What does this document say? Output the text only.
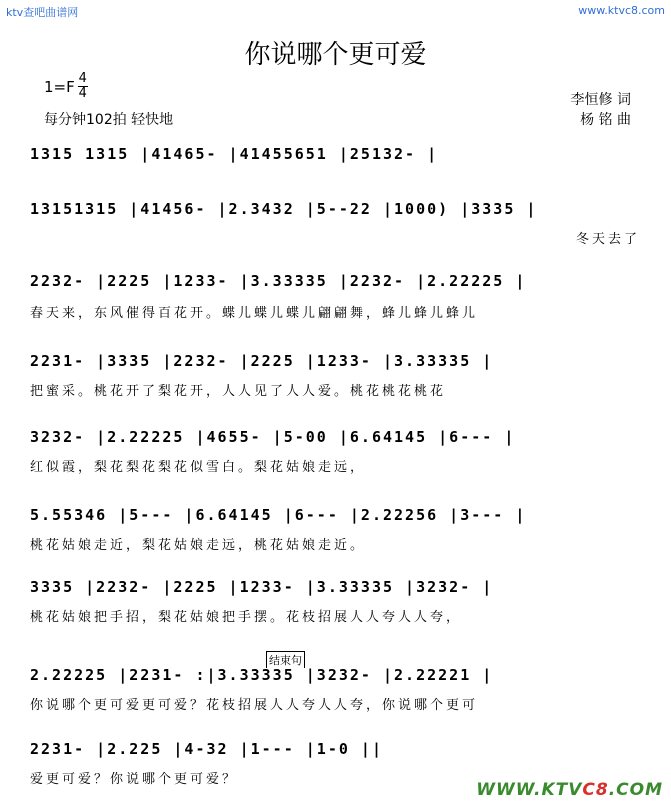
ktv查吧曲谱网	www.ktvc8.com
你说哪个更可爱
$1=F \frac{4}{4}$
每分钟102拍 轻快地
李恒修 词
杨 铭 曲
1315 1315 |41465- |41455651 |25132- |
13151315 |41456- |2.3432 |5--22 |1000) |3335 |
冬天去了
2232- |2225 |1233- |3.33335 |2232- |2.22225 |
春天来，东风催得百花开。蝶儿蝶儿蝶儿翩翩舞，蜂儿蜂儿蜂儿
2231- |3335 |2232- |2225 |1233- |3.33335 |
把蜜采。桃花开了梨花开，人人见了人人爱。桃花桃花桃花
3232- |2.22225 |4655- |5-00 |6.64145 |6--- |
红似霞，梨花梨花梨花似雪白。梨花姑娘走远，
5.55346 |5--- |6.64145 |6--- |2.22256 |3--- |
桃花姑娘走近，梨花姑娘走远，桃花姑娘走近。
3335 |2232- |2225 |1233- |3.33335 |3232- |
桃花姑娘把手招，梨花姑娘把手摆。花枝招展人人夸人人夸，
结束句
2.22225 |2231- :|3.33335 |3232- |2.22221 |
你说哪个更可爱更可爱？花枝招展人人夸人人夸，你说哪个更可
2231- |2.225 |4-32 |1--- |1-0 ||
爱更可爱？你说哪个更可爱？
WWW.KTVC8.COM
